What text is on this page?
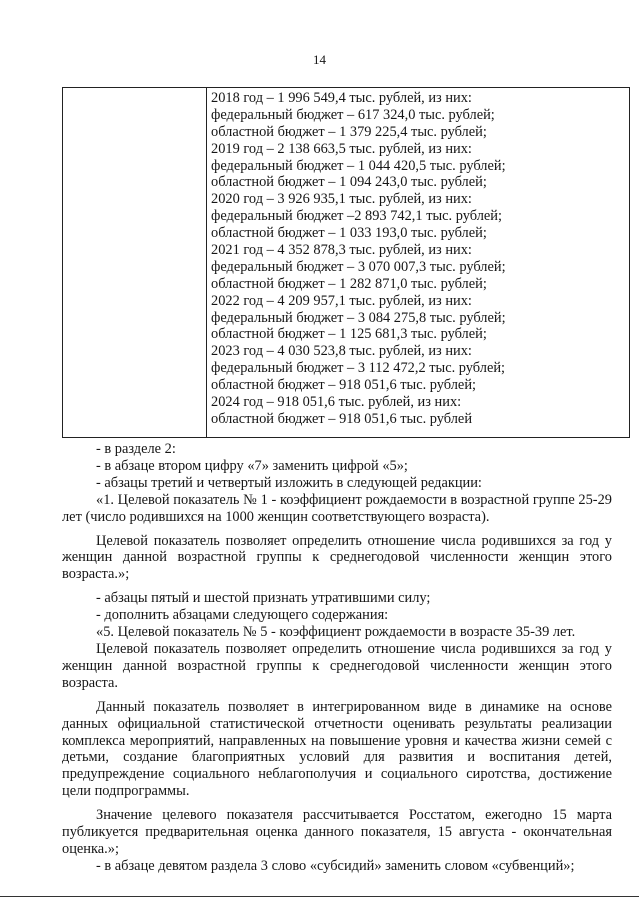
14
2018 год – 1 996 549,4 тыс. рублей, из них:
федеральный бюджет – 617 324,0 тыс. рублей;
областной бюджет – 1 379 225,4 тыс. рублей;
2019 год – 2 138 663,5 тыс. рублей, из них:
федеральный бюджет – 1 044 420,5 тыс. рублей;
областной бюджет – 1 094 243,0 тыс. рублей;
2020 год – 3 926 935,1 тыс. рублей, из них:
федеральный бюджет –2 893 742,1 тыс. рублей;
областной бюджет – 1 033 193,0 тыс. рублей;
2021 год – 4 352 878,3 тыс. рублей, из них:
федеральный бюджет – 3 070 007,3 тыс. рублей;
областной бюджет – 1 282 871,0 тыс. рублей;
2022 год – 4 209 957,1 тыс. рублей, из них:
федеральный бюджет – 3 084 275,8 тыс. рублей;
областной бюджет – 1 125 681,3 тыс. рублей;
2023 год – 4 030 523,8 тыс. рублей, из них:
федеральный бюджет – 3 112 472,2 тыс. рублей;
областной бюджет – 918 051,6 тыс. рублей;
2024 год – 918 051,6 тыс. рублей, из них:
областной бюджет – 918 051,6 тыс. рублей

- в разделе 2:

- в абзаце втором цифру «7» заменить цифрой «5»;

- абзацы третий и четвертый изложить в следующей редакции:

«1. Целевой показатель № 1 - коэффициент рождаемости в возрастной группе 25-29 лет (число родившихся на 1000 женщин соответствующего возраста).

Целевой показатель позволяет определить отношение числа родившихся за год у женщин данной возрастной группы к среднегодовой численности женщин этого возраста.»;

- абзацы пятый и шестой признать утратившими силу;

- дополнить абзацами следующего содержания:

«5. Целевой показатель № 5 - коэффициент рождаемости в возрасте 35-39 лет.

Целевой показатель позволяет определить отношение числа родившихся за год у женщин данной возрастной группы к среднегодовой численности женщин этого возраста.

Данный показатель позволяет в интегрированном виде в динамике на основе данных официальной статистической отчетности оценивать результаты реализации комплекса мероприятий, направленных на повышение уровня и качества жизни семей с детьми, создание благоприятных условий для развития и воспитания детей, предупреждение социального неблагополучия и социального сиротства, достижение цели подпрограммы.

Значение целевого показателя рассчитывается Росстатом, ежегодно 15 марта публикуется предварительная оценка данного показателя, 15 августа - окончательная оценка.»;

- в абзаце девятом раздела 3 слово «субсидий» заменить словом «субвенций»;
